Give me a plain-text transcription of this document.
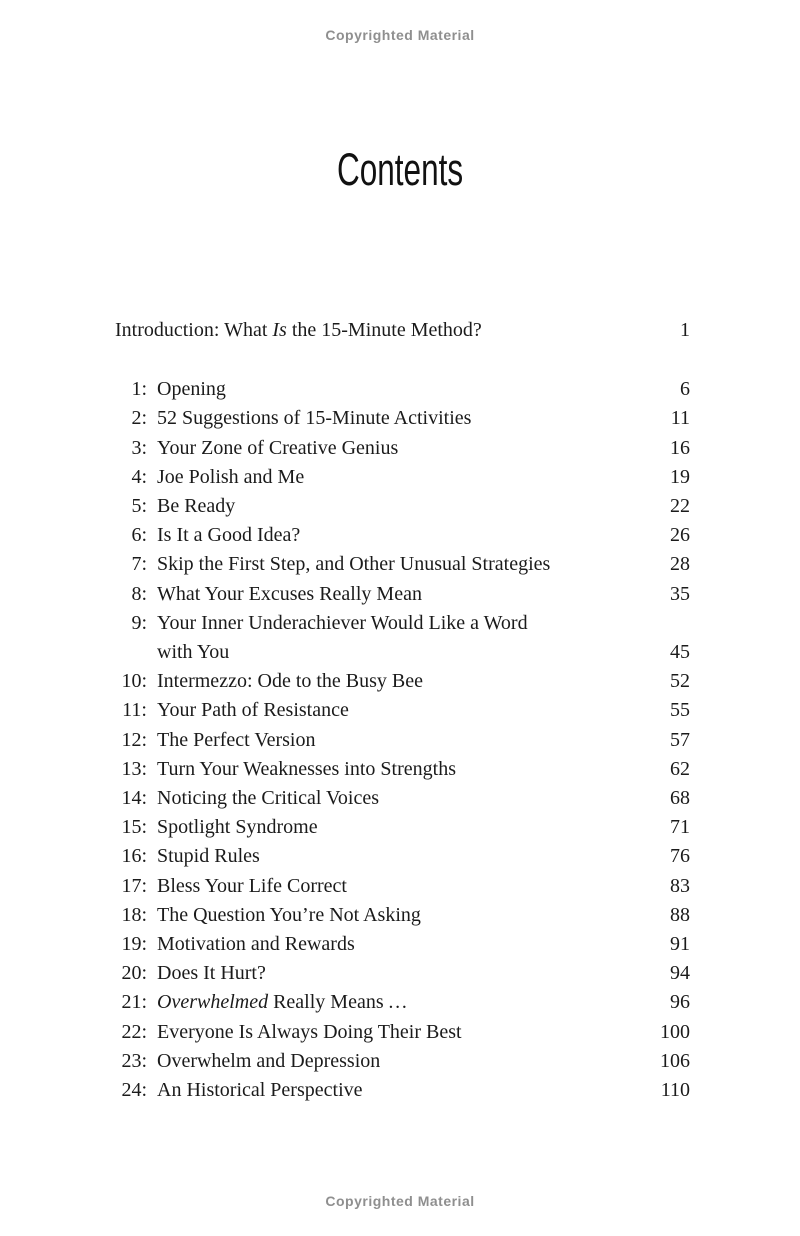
Copyrighted Material
Contents
Introduction: What Is the 15-Minute Method?	1
1: Opening	6
2: 52 Suggestions of 15-Minute Activities	11
3: Your Zone of Creative Genius	16
4: Joe Polish and Me	19
5: Be Ready	22
6: Is It a Good Idea?	26
7: Skip the First Step, and Other Unusual Strategies	28
8: What Your Excuses Really Mean	35
9: Your Inner Underachiever Would Like a Word
with You	45
10: Intermezzo: Ode to the Busy Bee	52
11: Your Path of Resistance	55
12: The Perfect Version	57
13: Turn Your Weaknesses into Strengths	62
14: Noticing the Critical Voices	68
15: Spotlight Syndrome	71
16: Stupid Rules	76
17: Bless Your Life Correct	83
18: The Question You’re Not Asking	88
19: Motivation and Rewards	91
20: Does It Hurt?	94
21: Overwhelmed Really Means …	96
22: Everyone Is Always Doing Their Best	100
23: Overwhelm and Depression	106
24: An Historical Perspective	110
Copyrighted Material
